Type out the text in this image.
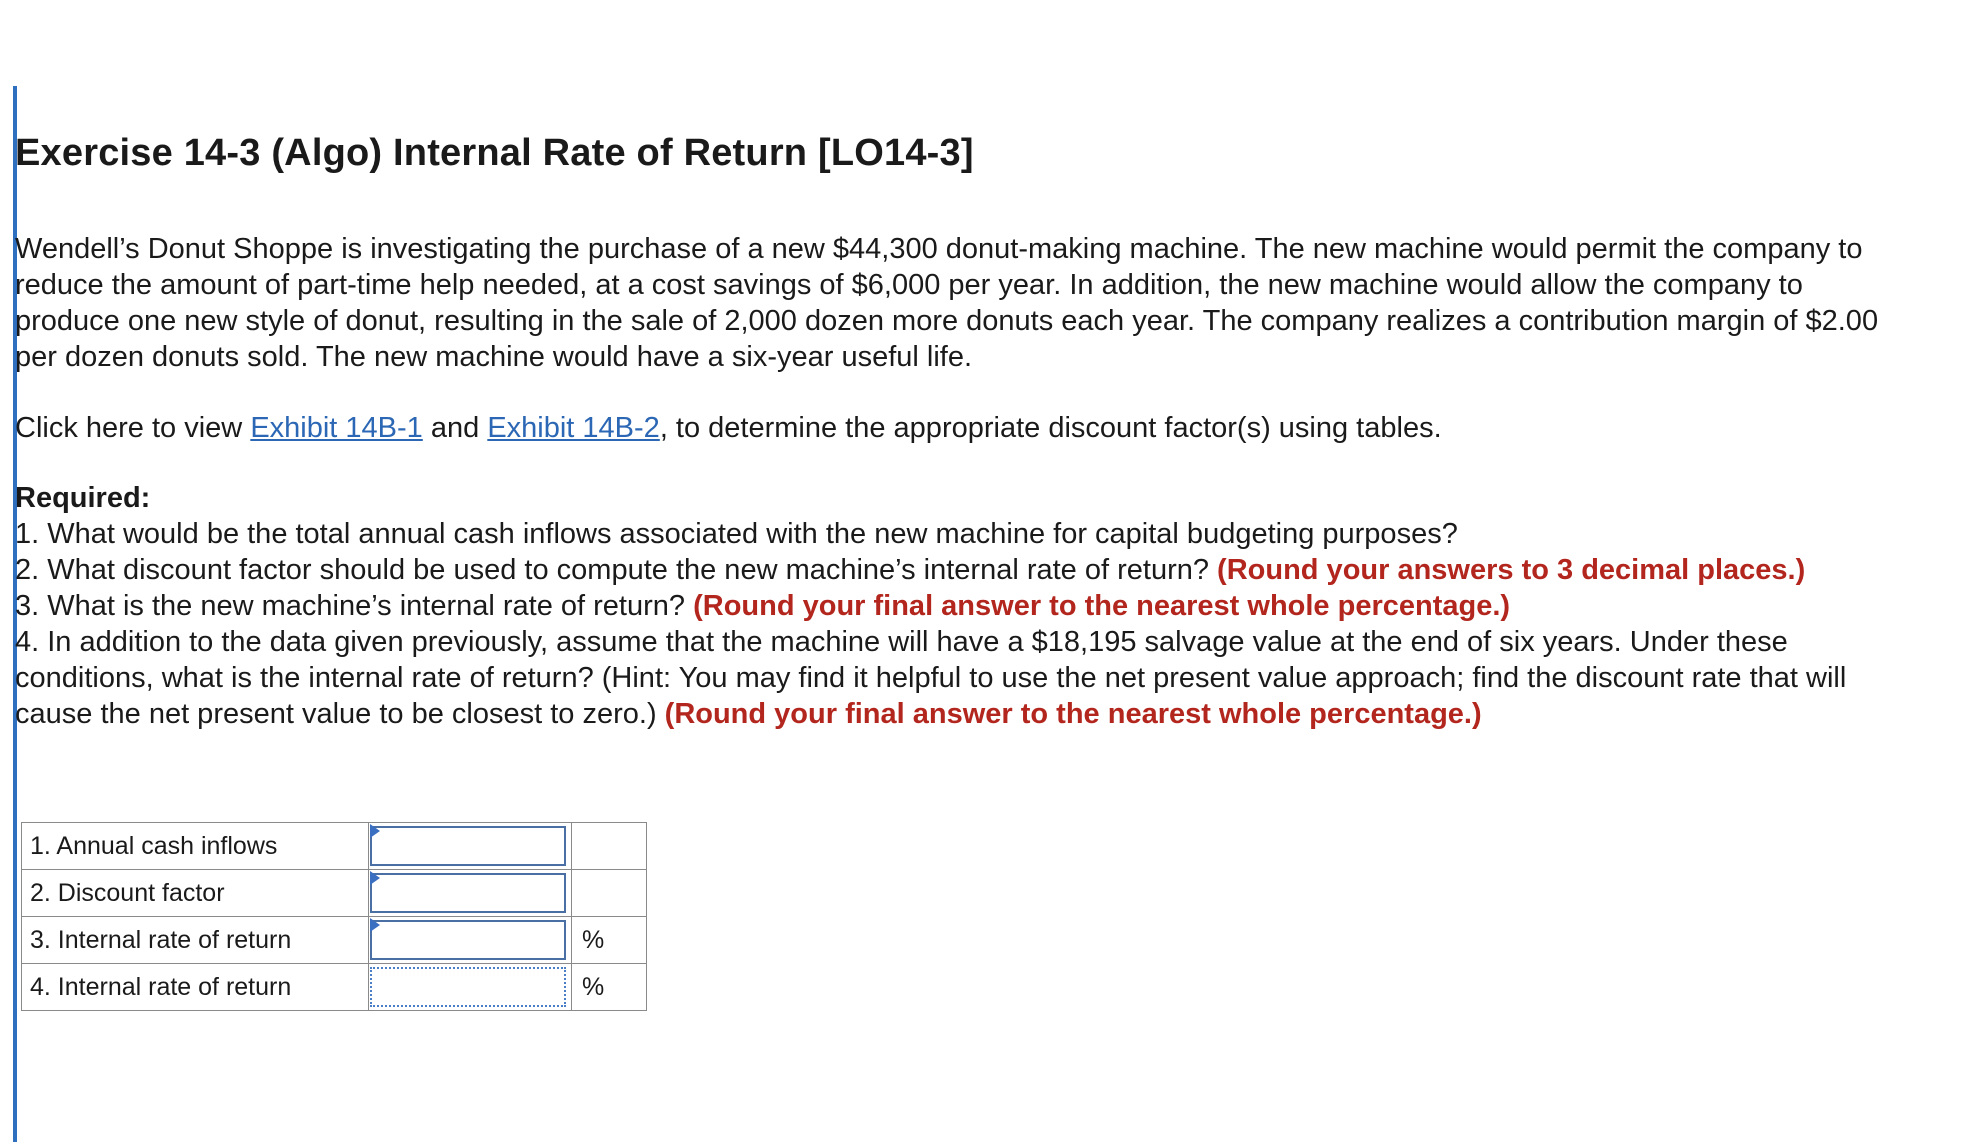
Exercise 14-3 (Algo) Internal Rate of Return [LO14-3]

Wendell’s Donut Shoppe is investigating the purchase of a new $44,300 donut-making machine. The new machine would permit the company to reduce the amount of part-time help needed, at a cost savings of $6,000 per year. In addition, the new machine would allow the company to produce one new style of donut, resulting in the sale of 2,000 dozen more donuts each year. The company realizes a contribution margin of $2.00 per dozen donuts sold. The new machine would have a six-year useful life.

Click here to view Exhibit 14B-1 and Exhibit 14B-2, to determine the appropriate discount factor(s) using tables.

Required:

1. What would be the total annual cash inflows associated with the new machine for capital budgeting purposes?

2. What discount factor should be used to compute the new machine’s internal rate of return? (Round your answers to 3 decimal places.)

3. What is the new machine’s internal rate of return? (Round your final answer to the nearest whole percentage.)

4. In addition to the data given previously, assume that the machine will have a $18,195 salvage value at the end of six years. Under these conditions, what is the internal rate of return? (Hint: You may find it helpful to use the net present value approach; find the discount rate that will cause the net present value to be closest to zero.) (Round your final answer to the nearest whole percentage.)

1. Annual cash inflows	

2. Discount factor	

3. Internal rate of return		%
4. Internal rate of return		%
